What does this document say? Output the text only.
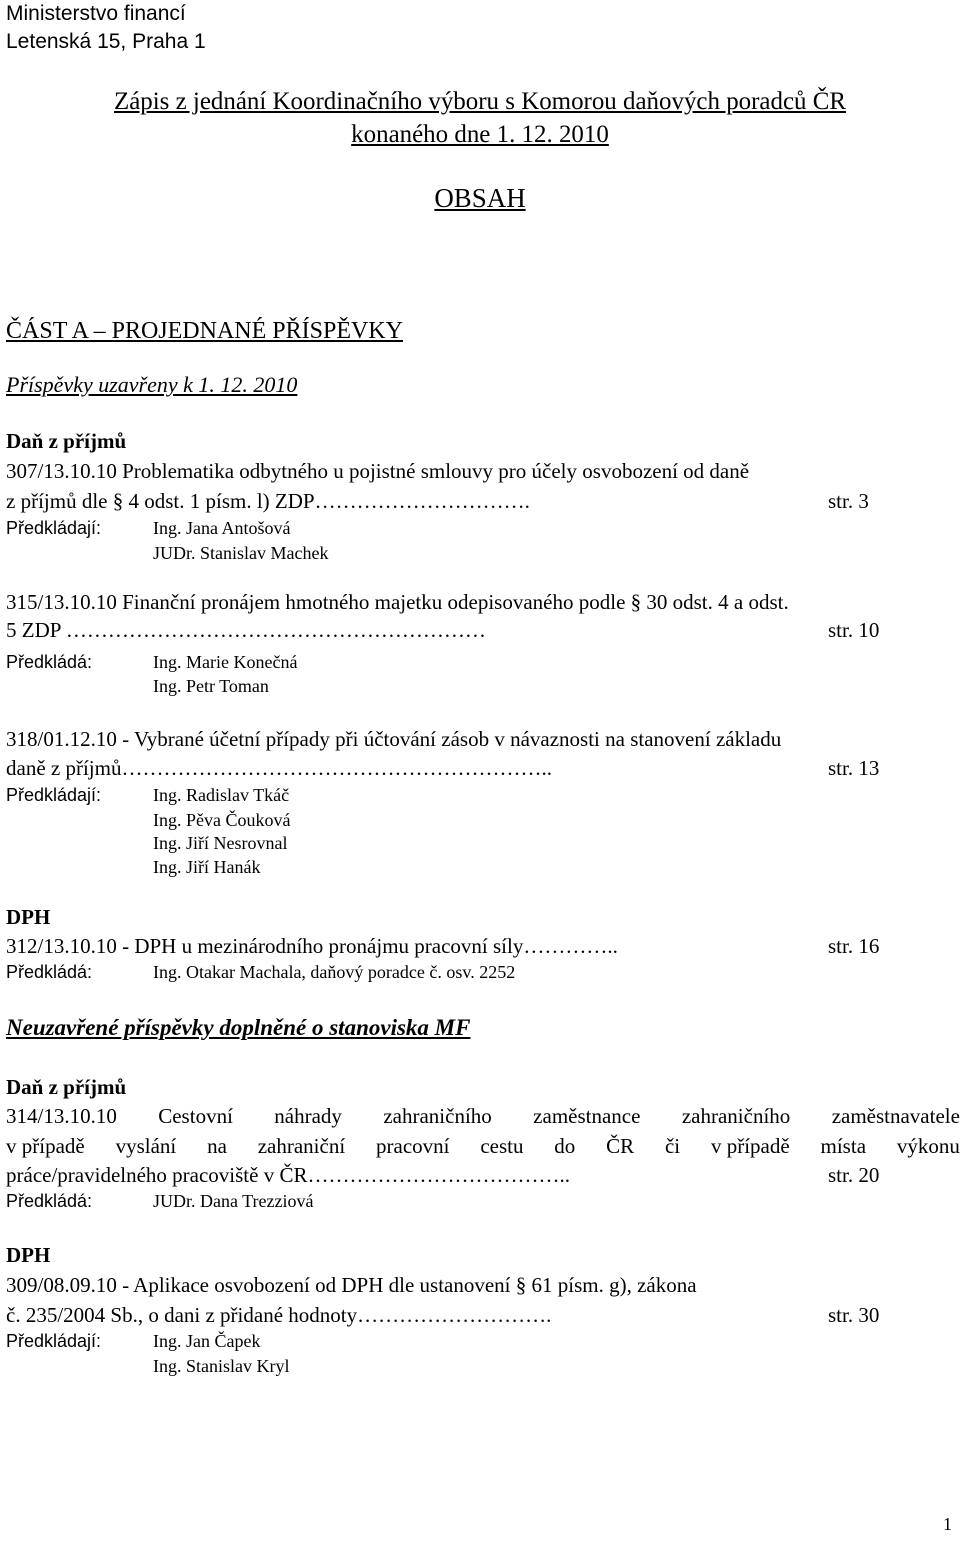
Ministerstvo financí
Letenská 15, Praha 1
Zápis z jednání Koordinačního výboru s Komorou daňových poradců ČR
konaného dne 1. 12. 2010
OBSAH
ČÁST A – PROJEDNANÉ PŘÍSPĚVKY
Příspěvky uzavřeny k 1. 12. 2010
Daň z příjmů
307/13.10.10 Problematika odbytného u pojistné smlouvy pro účely osvobození od daně
z příjmů dle § 4 odst. 1 písm. l) ZDP………………………….	str. 3
Předkládají:	Ing. Jana Antošová
JUDr. Stanislav Machek
315/13.10.10 Finanční pronájem hmotného majetku odepisovaného podle § 30 odst. 4 a odst.
5 ZDP ……………………………………………………	str. 10
Předkládá:	Ing. Marie Konečná
Ing. Petr Toman
318/01.12.10 - Vybrané účetní případy při účtování zásob v návaznosti na stanovení základu
daně z příjmů……………………………………………………..	str. 13
Předkládají:	Ing. Radislav Tkáč
Ing. Pěva Čouková
Ing. Jiří Nesrovnal
Ing. Jiří Hanák
DPH
312/13.10.10 - DPH u mezinárodního pronájmu pracovní síly…………..	str. 16
Předkládá:	Ing. Otakar Machala, daňový poradce č. osv. 2252
Neuzavřené příspěvky doplněné o stanoviska MF
Daň z příjmů
314/13.10.10 Cestovní náhrady zahraničního zaměstnance zahraničního zaměstnavatele
v případě vyslání na zahraniční pracovní cestu do ČR či v případě místa výkonu
práce/pravidelného pracoviště v ČR………………………………..	str. 20
Předkládá:	JUDr. Dana Trezziová
DPH
309/08.09.10 - Aplikace osvobození od DPH dle ustanovení § 61 písm. g), zákona
č. 235/2004 Sb., o dani z přidané hodnoty……………………….	str. 30
Předkládají:	Ing. Jan Čapek
Ing. Stanislav Kryl
1
